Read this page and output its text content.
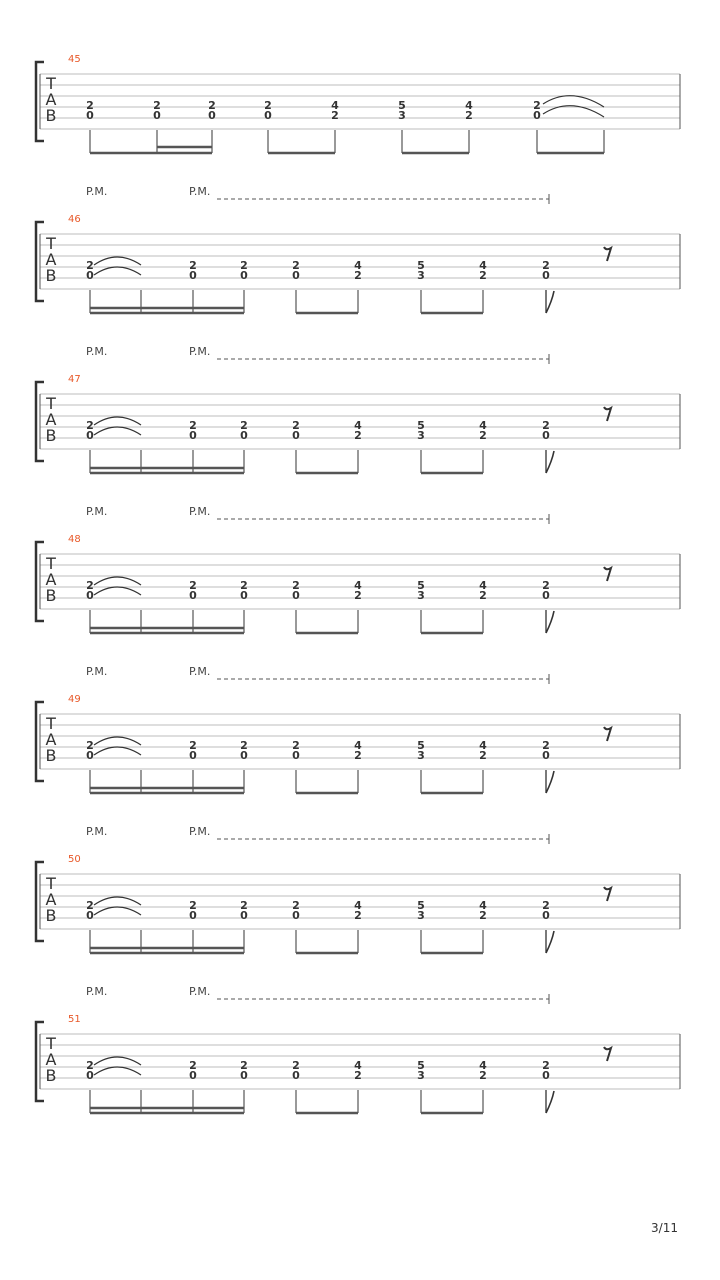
T
A
B
45
2
0
2
0
2
0
2
0
4
2
5
3
4
2
2
0
T
A
B
46
P.M.	P.M.
2
0
2
0
2
0
2
0
4
2
5
3
4
2
2
0
T
A
B
47
P.M.	P.M.
2
0
2
0
2
0
2
0
4
2
5
3
4
2
2
0
T
A
B
48
P.M.	P.M.
2
0
2
0
2
0
2
0
4
2
5
3
4
2
2
0
T
A
B
49
P.M.	P.M.
2
0
2
0
2
0
2
0
4
2
5
3
4
2
2
0
T
A
B
50
P.M.	P.M.
2
0
2
0
2
0
2
0
4
2
5
3
4
2
2
0
T
A
B
51
P.M.	P.M.
2
0
2
0
2
0
2
0
4
2
5
3
4
2
2
0
3/11
